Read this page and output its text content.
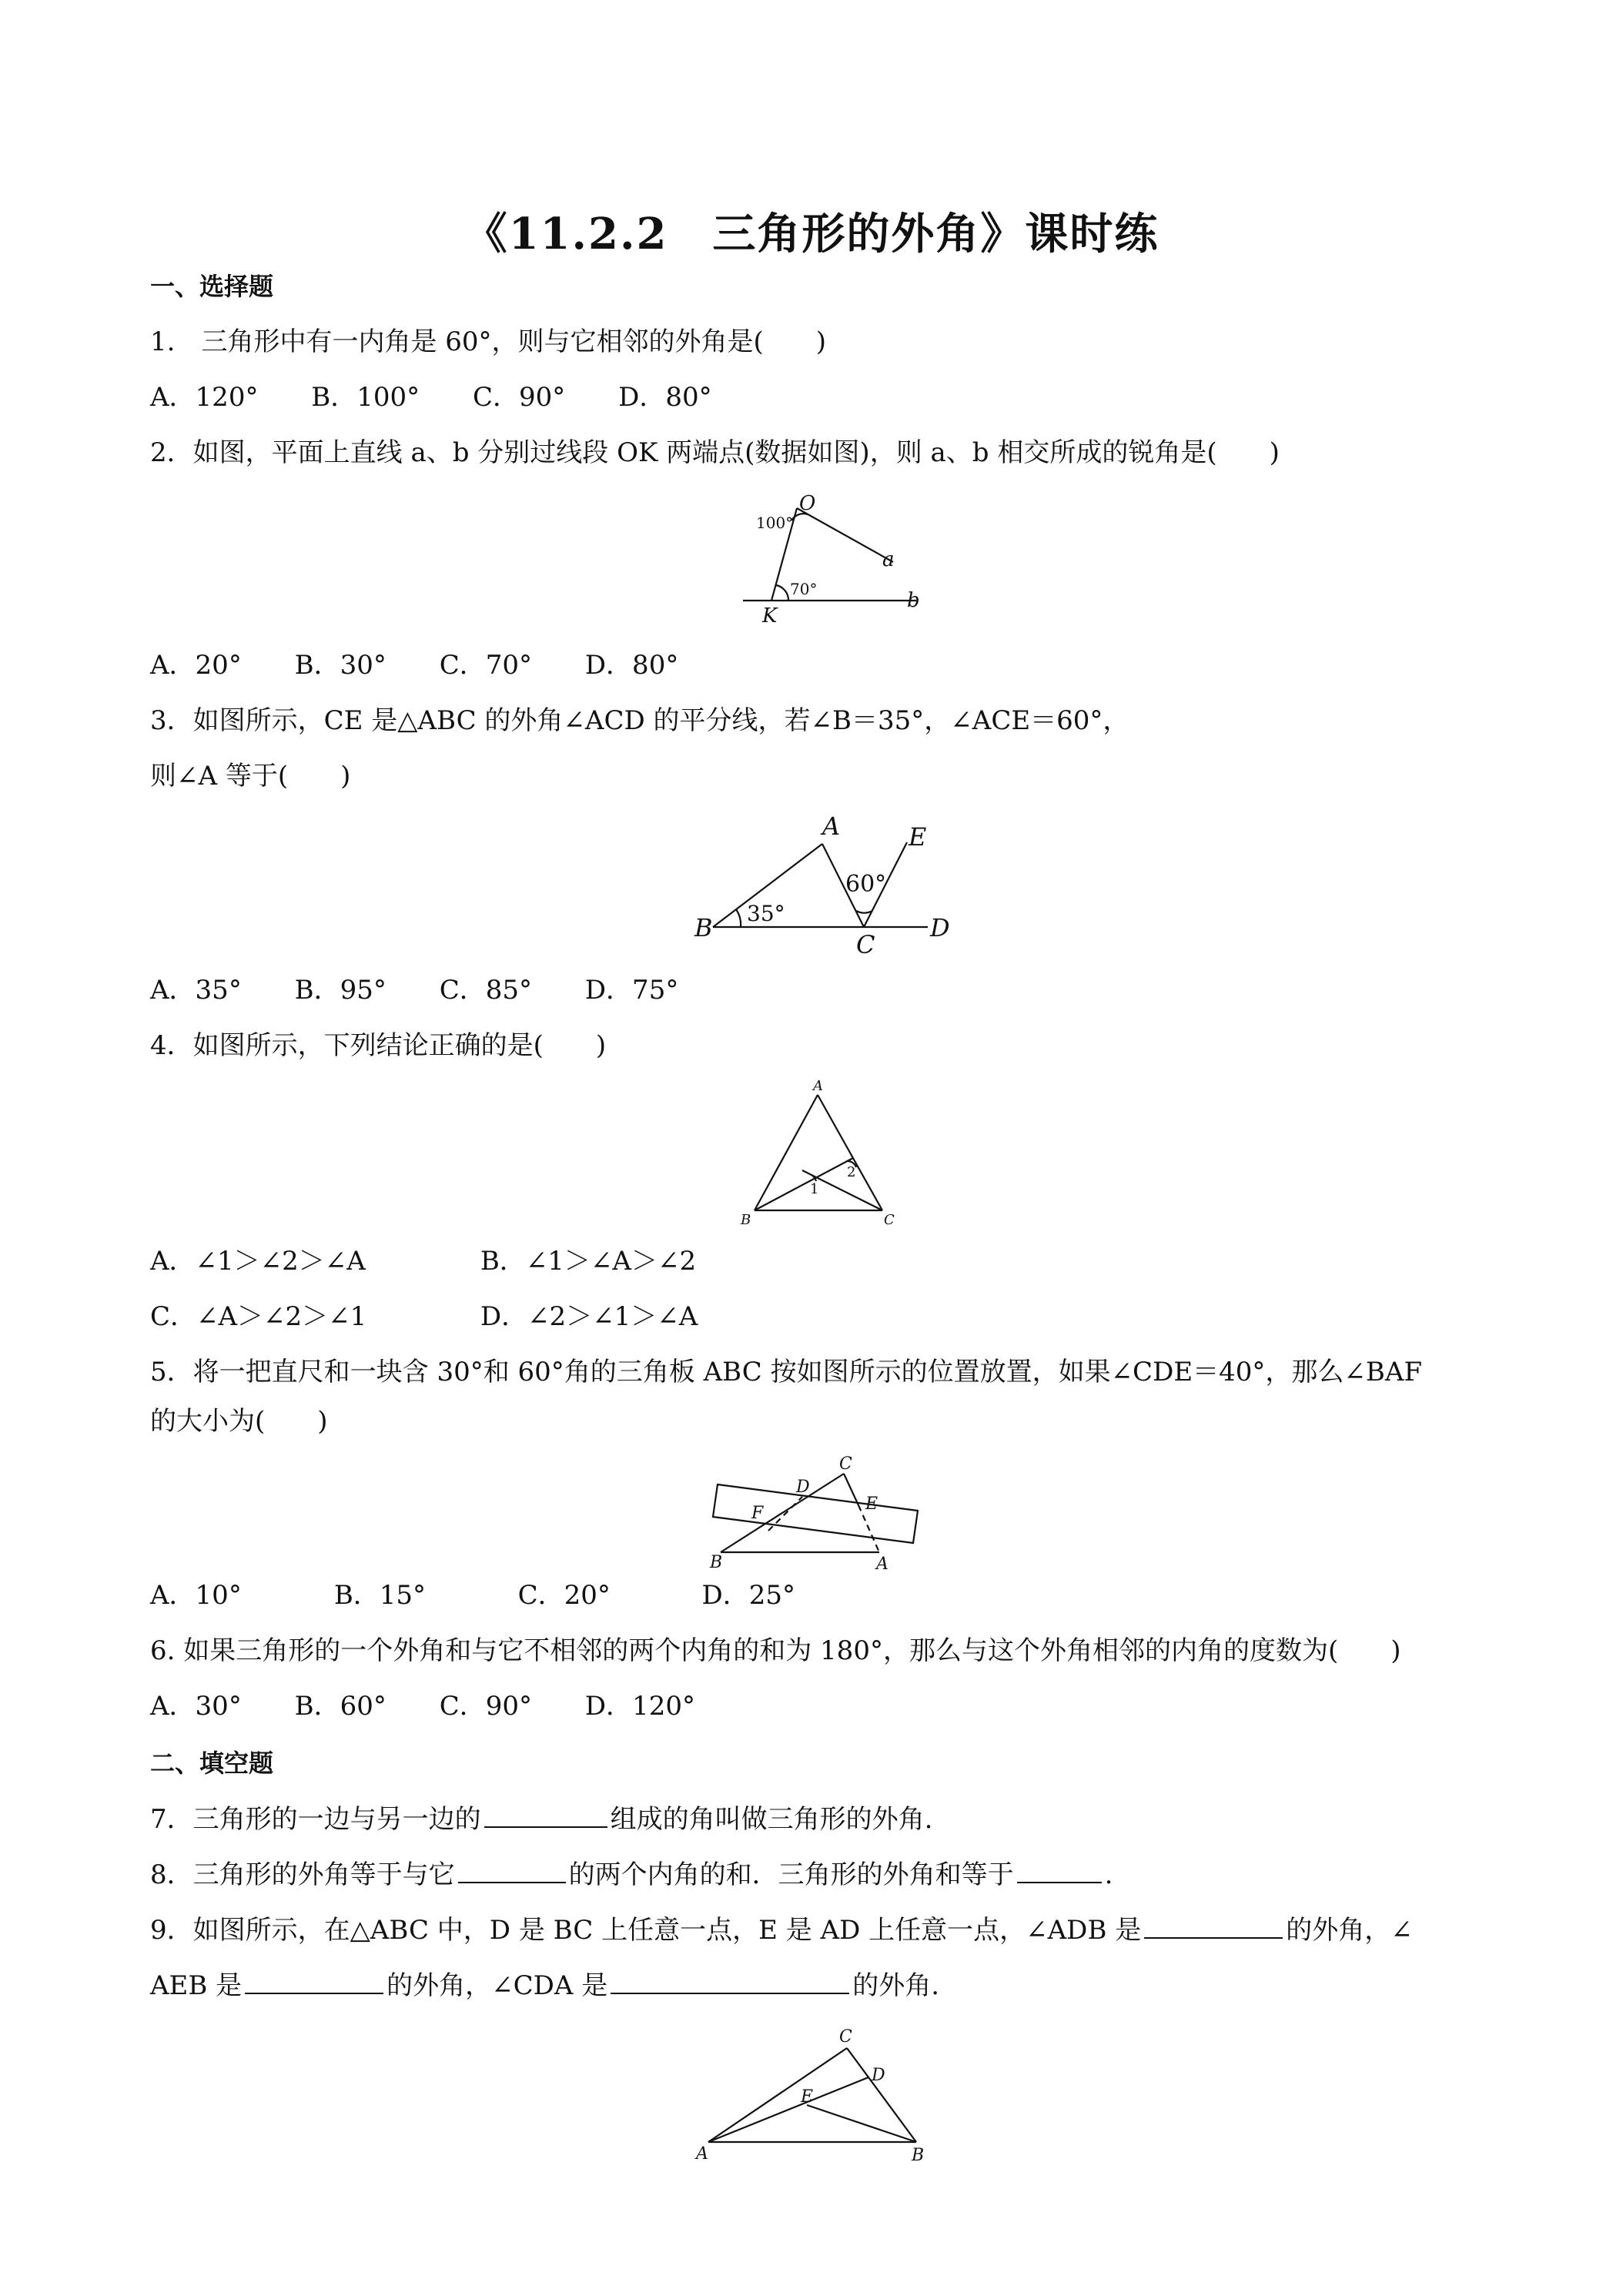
《11.2.2　三角形的外角》课时练
一、选择题
1.　三角形中有一内角是 60°，则与它相邻的外角是(　　)
A．120° B．100° C．90° D．80°
2．如图，平面上直线 a、b 分别过线段 OK 两端点(数据如图)，则 a、b 相交所成的锐角是(　　)
O
100°
a
K
70°	b
A．20° B．30° C．70° D．80°
3．如图所示，CE 是△ABC 的外角∠ACD 的平分线，若∠B＝35°，∠ACE＝60°，
则∠A 等于(　　)
A	E
60°
35°
B
C
D
A．35° B．95° C．85° D．75°
4．如图所示，下列结论正确的是(　　)
A
B	C
1
2
A．∠1＞∠2＞∠A	B．∠1＞∠A＞∠2
C．∠A＞∠2＞∠1	D．∠2＞∠1＞∠A
5．将一把直尺和一块含 30°和 60°角的三角板 ABC 按如图所示的位置放置，如果∠CDE＝40°，那么∠BAF
的大小为(　　)
C
D
E
F
B	A
A．10°	B．15°	C．20°	D．25°
6. 如果三角形的一个外角和与它不相邻的两个内角的和为 180°，那么与这个外角相邻的内角的度数为(　　)
A．30° B．60° C．90° D．120°
二、填空题
7．三角形的一边与另一边的	组成的角叫做三角形的外角.
8．三角形的外角等于与它	的两个内角的和．三角形的外角和等于	.
9．如图所示，在△ABC 中，D 是 BC 上任意一点，E 是 AD 上任意一点，∠ADB 是	的外角，∠
AEB 是	的外角，∠CDA 是	的外角.
C
D
E
A	B
